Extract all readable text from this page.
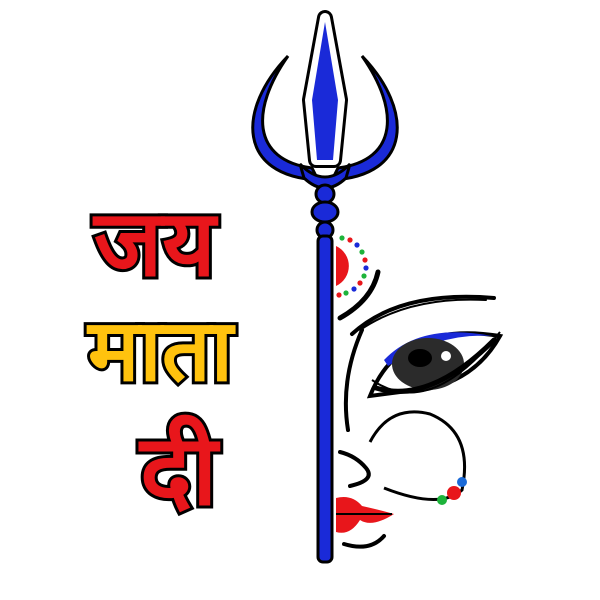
जय
माता
दी
